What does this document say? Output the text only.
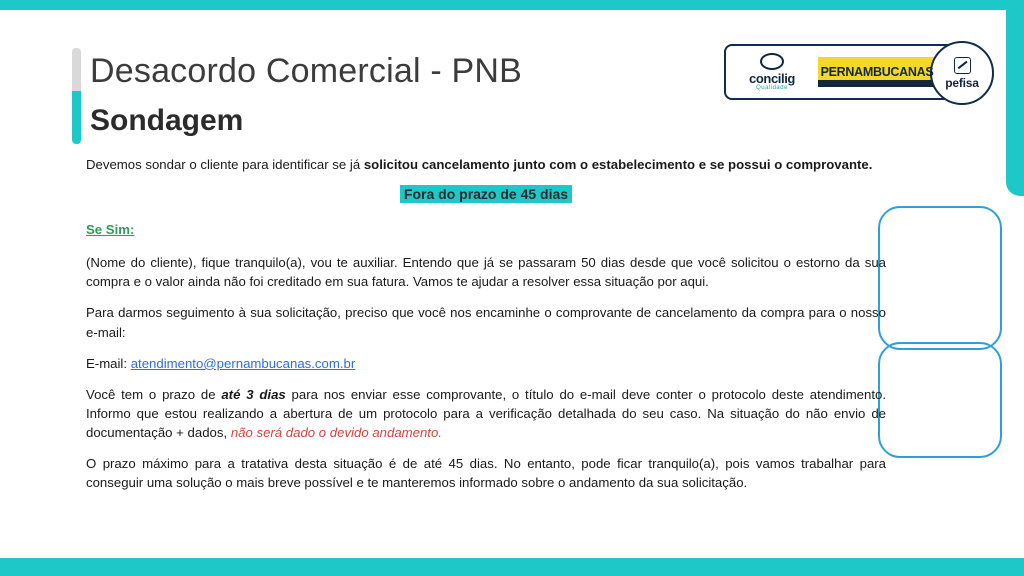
Desacordo Comercial - PNB
Sondagem
concilig
Qualidade
PERNAMBUCANAS
pefisa

Devemos sondar o cliente para identificar se já solicitou cancelamento junto com o estabelecimento e se possui o comprovante.

Fora do prazo de 45 dias
Se Sim:

(Nome do cliente), fique tranquilo(a), vou te auxiliar. Entendo que já se passaram 50 dias desde que você solicitou o estorno da sua compra e o valor ainda não foi creditado em sua fatura. Vamos te ajudar a resolver essa situação por aqui.

Para darmos seguimento à sua solicitação, preciso que você nos encaminhe o comprovante de cancelamento da compra para o nosso e-mail:

E-mail: atendimento@pernambucanas.com.br

Você tem o prazo de até 3 dias para nos enviar esse comprovante, o título do e-mail deve conter o protocolo deste atendimento. Informo que estou realizando a abertura de um protocolo para a verificação detalhada do seu caso. Na situação do não envio de documentação + dados, não será dado o devido andamento.

O prazo máximo para a tratativa desta situação é de até 45 dias. No entanto, pode ficar tranquilo(a), pois vamos trabalhar para conseguir uma solução o mais breve possível e te manteremos informado sobre o andamento da sua solicitação.
